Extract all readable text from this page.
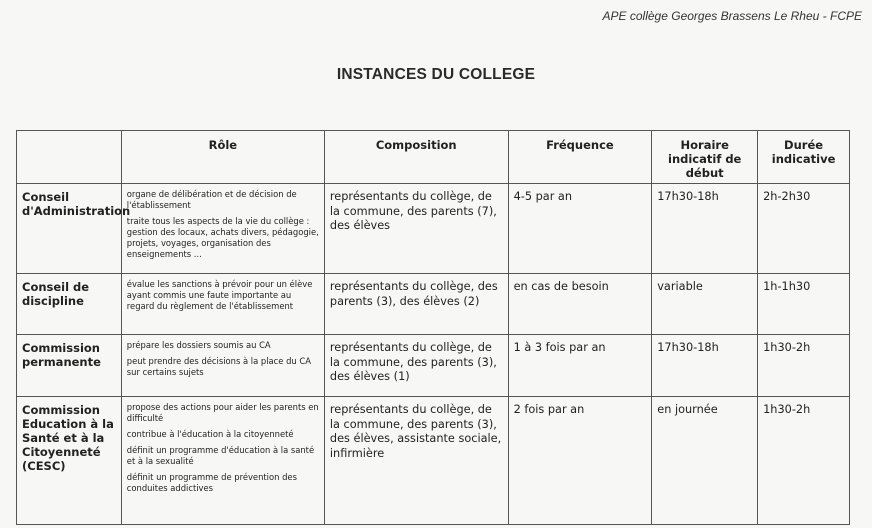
APE collège Georges Brassens Le Rheu - FCPE
INSTANCES DU COLLEGE
	Rôle	Composition	Fréquence	Horaire indicatif de début	Durée indicative
Conseil d'Administration	organe de délibération et de décision de l'établissement

traite tous les aspects de la vie du collège : gestion des locaux, achats divers, pédagogie, projets, voyages, organisation des enseignements ...	représentants du collège, de la commune, des parents (7), des élèves	4-5 par an	17h30-18h	2h-2h30
Conseil de discipline	évalue les sanctions à prévoir pour un élève ayant commis une faute importante au regard du règlement de l'établissement	représentants du collège, des parents (3), des élèves (2)	en cas de besoin	variable	1h-1h30
Commission permanente	prépare les dossiers soumis au CA

peut prendre des décisions à la place du CA sur certains sujets	représentants du collège, de la commune, des parents (3), des élèves (1)	1 à 3 fois par an	17h30-18h	1h30-2h
Commission Education à la Santé et à la Citoyenneté (CESC)	propose des actions pour aider les parents en difficulté

contribue à l'éducation à la citoyenneté

définit un programme d'éducation à la santé et à la sexualité

définit un programme de prévention des conduites addictives	représentants du collège, de la commune, des parents (3), des élèves, assistante sociale, infirmière	2 fois par an	en journée	1h30-2h
